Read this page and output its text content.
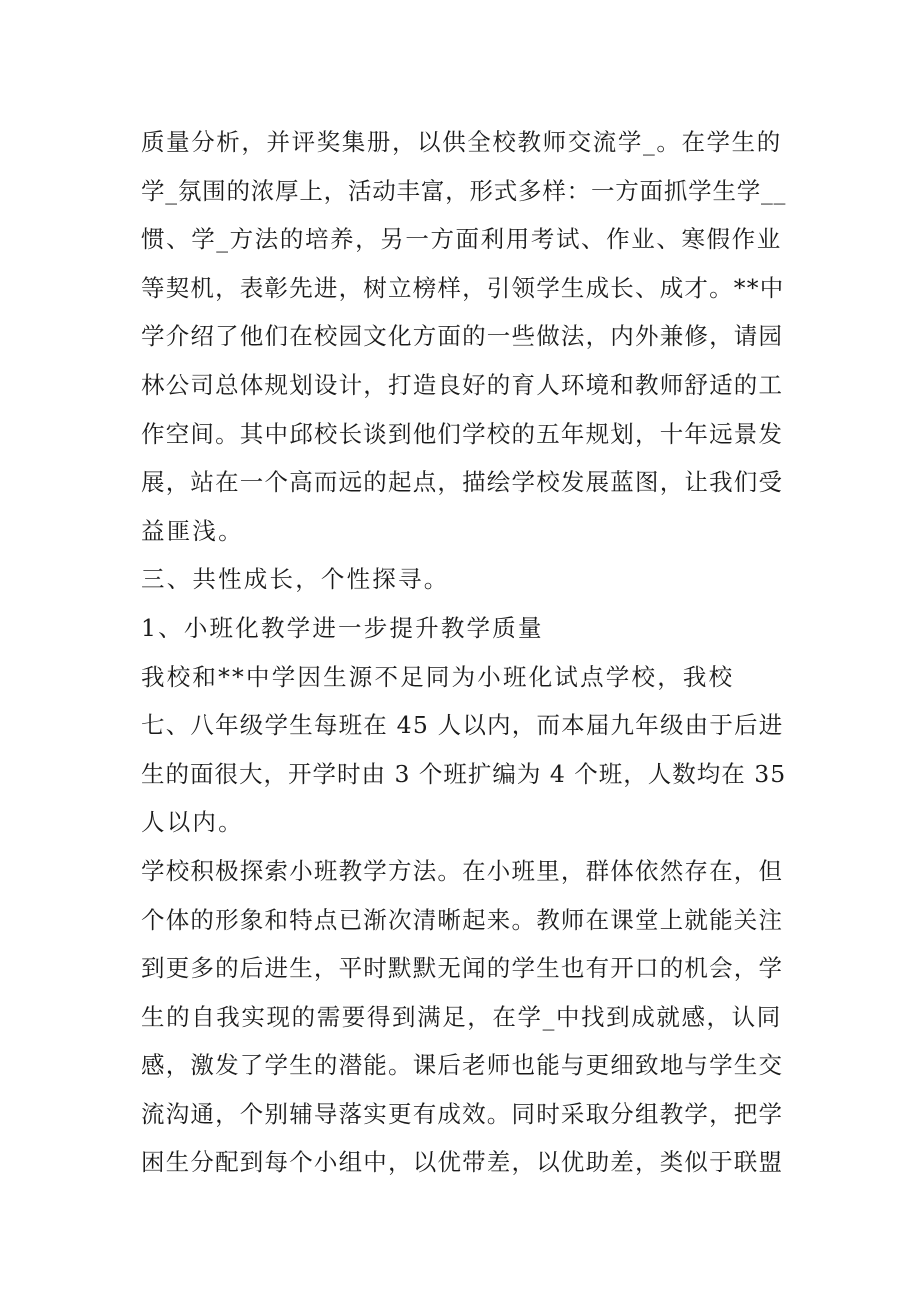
质量分析，并评奖集册，以供全校教师交流学_。在学生的
学_氛围的浓厚上，活动丰富，形式多样：一方面抓学生学__
惯、学_方法的培养，另一方面利用考试、作业、寒假作业
等契机，表彰先进，树立榜样，引领学生成长、成才。**中
学介绍了他们在校园文化方面的一些做法，内外兼修，请园
林公司总体规划设计，打造良好的育人环境和教师舒适的工
作空间。其中邱校长谈到他们学校的五年规划，十年远景发
展，站在一个高而远的起点，描绘学校发展蓝图，让我们受
益匪浅。
三、共性成长，个性探寻。
1、小班化教学进一步提升教学质量
我校和**中学因生源不足同为小班化试点学校，我校
七、八年级学生每班在 45 人以内，而本届九年级由于后进
生的面很大，开学时由 3 个班扩编为 4 个班，人数均在 35
人以内。
学校积极探索小班教学方法。在小班里，群体依然存在，但
个体的形象和特点已渐次清晰起来。教师在课堂上就能关注
到更多的后进生，平时默默无闻的学生也有开口的机会，学
生的自我实现的需要得到满足，在学_中找到成就感，认同
感，激发了学生的潜能。课后老师也能与更细致地与学生交
流沟通，个别辅导落实更有成效。同时采取分组教学，把学
困生分配到每个小组中，以优带差，以优助差，类似于联盟
